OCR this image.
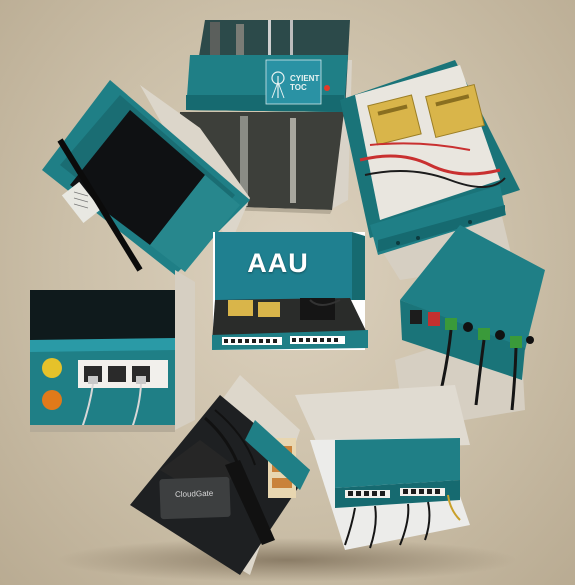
AAU
CYIENT
TOC
CloudGate
